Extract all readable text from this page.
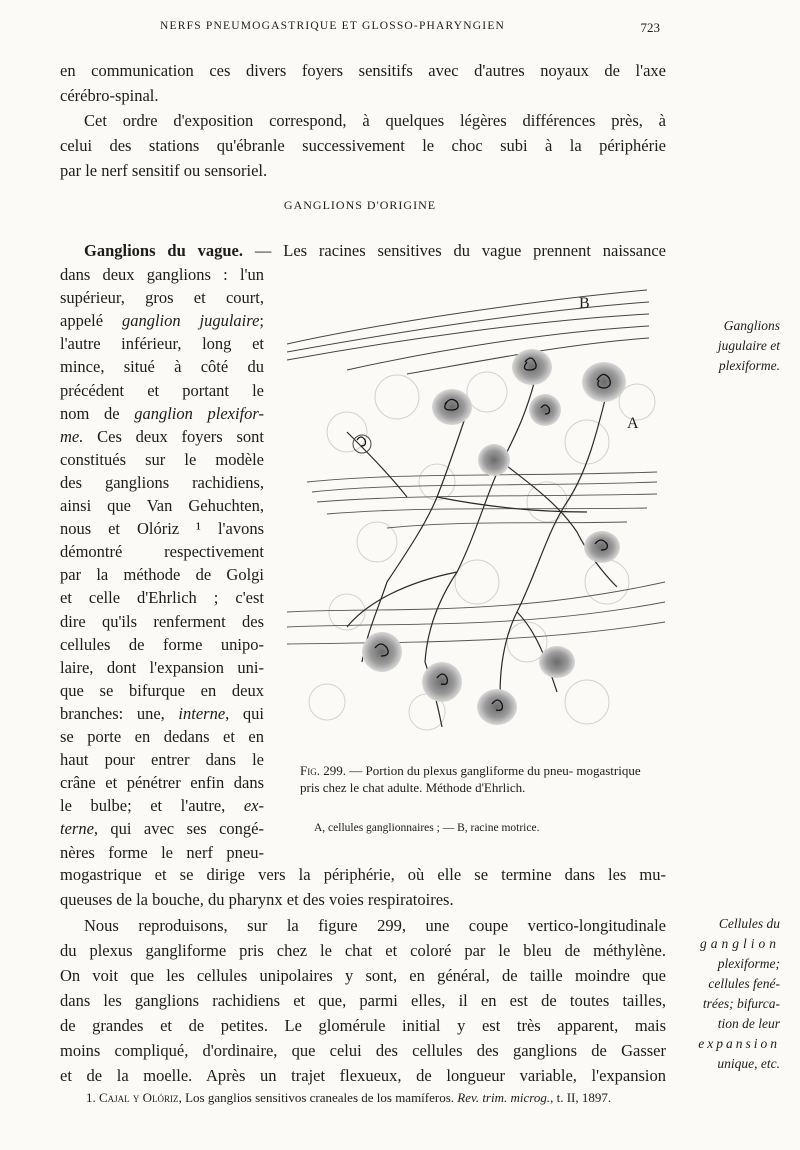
NERFS PNEUMOGASTRIQUE ET GLOSSO-PHARYNGIEN	723
en communication ces divers foyers sensitifs avec d'autres noyaux de l'axe
cérébro-spinal.
Cet ordre d'exposition correspond, à quelques légères différences près, à
celui des stations qu'ébranle successivement le choc subi à la périphérie
par le nerf sensitif ou sensoriel.
GANGLIONS D'ORIGINE
Ganglions du vague. — Les racines sensitives du vague prennent naissance
dans deux ganglions : l'un
supérieur, gros et court,
appelé ganglion jugulaire;
l'autre inférieur, long et
mince, situé à côté du
précédent et portant le
nom de ganglion plexifor-
me. Ces deux foyers sont
constitués sur le modèle
des ganglions rachidiens,
ainsi que Van Gehuchten,
nous et Olóriz ¹ l'avons
démontré respectivement
par la méthode de Golgi
et celle d'Ehrlich ; c'est
dire qu'ils renferment des
cellules de forme unipo-
laire, dont l'expansion uni-
que se bifurque en deux
branches: une, interne, qui
se porte en dedans et en
haut pour entrer dans le
crâne et pénétrer enfin dans
le bulbe; et l'autre, ex-
terne, qui avec ses congé-
nères forme le nerf pneu-
mogastrique et se dirige vers la périphérie, où elle se termine dans les mu-
queuses de la bouche, du pharynx et des voies respiratoires.
Nous reproduisons, sur la figure 299, une coupe vertico-longitudinale
du plexus gangliforme pris chez le chat et coloré par le bleu de méthylène.
On voit que les cellules unipolaires y sont, en général, de taille moindre que
dans les ganglions rachidiens et que, parmi elles, il en est de toutes tailles,
de grandes et de petites. Le glomérule initial y est très apparent, mais
moins compliqué, d'ordinaire, que celui des cellules des ganglions de Gasser
et de la moelle. Après un trajet flexueux, de longueur variable, l'expansion
Ganglions
jugulaire et
plexiforme.
Cellules du
ganglion
plexiforme;
cellules fené-
trées; bifurca-
tion de leur
expansion
unique, etc.
B
A
Fig. 299. — Portion du plexus gangliforme du pneu- mogastrique pris chez le chat adulte. Méthode d'Ehrlich.
A, cellules ganglionnaires ; — B, racine motrice.
1. Cajal y Olóriz, Los ganglios sensitivos craneales de los mamíferos. Rev. trim. microg., t. II, 1897.
